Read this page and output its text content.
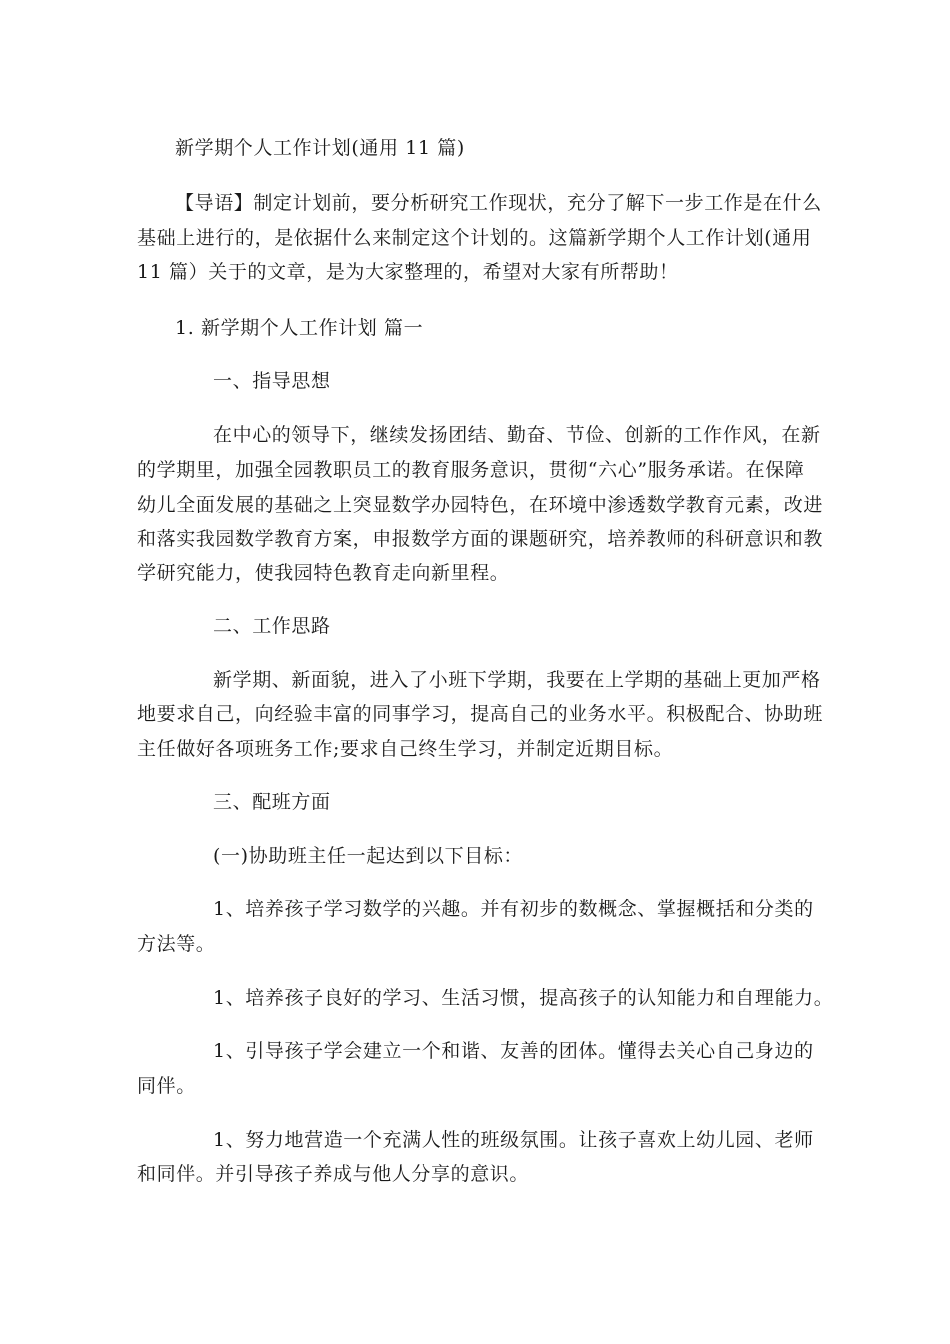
新学期个人工作计划(通用 11 篇)
【导语】制定计划前，要分析研究工作现状，充分了解下一步工作是在什么
基础上进行的，是依据什么来制定这个计划的。这篇新学期个人工作计划(通用
11 篇）关于的文章，是为大家整理的，希望对大家有所帮助！
1. 新学期个人工作计划 篇一
一、指导思想
在中心的领导下，继续发扬团结、勤奋、节俭、创新的工作作风，在新
的学期里，加强全园教职员工的教育服务意识，贯彻“六心”服务承诺。在保障
幼儿全面发展的基础之上突显数学办园特色，在环境中渗透数学教育元素，改进
和落实我园数学教育方案，申报数学方面的课题研究，培养教师的科研意识和教
学研究能力，使我园特色教育走向新里程。
二、工作思路
新学期、新面貌，进入了小班下学期，我要在上学期的基础上更加严格
地要求自己，向经验丰富的同事学习，提高自己的业务水平。积极配合、协助班
主任做好各项班务工作;要求自己终生学习，并制定近期目标。
三、配班方面
(一)协助班主任一起达到以下目标：
1、培养孩子学习数学的兴趣。并有初步的数概念、掌握概括和分类的
方法等。
1、培养孩子良好的学习、生活习惯，提高孩子的认知能力和自理能力。
1、引导孩子学会建立一个和谐、友善的团体。懂得去关心自己身边的
同伴。
1、努力地营造一个充满人性的班级氛围。让孩子喜欢上幼儿园、老师
和同伴。并引导孩子养成与他人分享的意识。
